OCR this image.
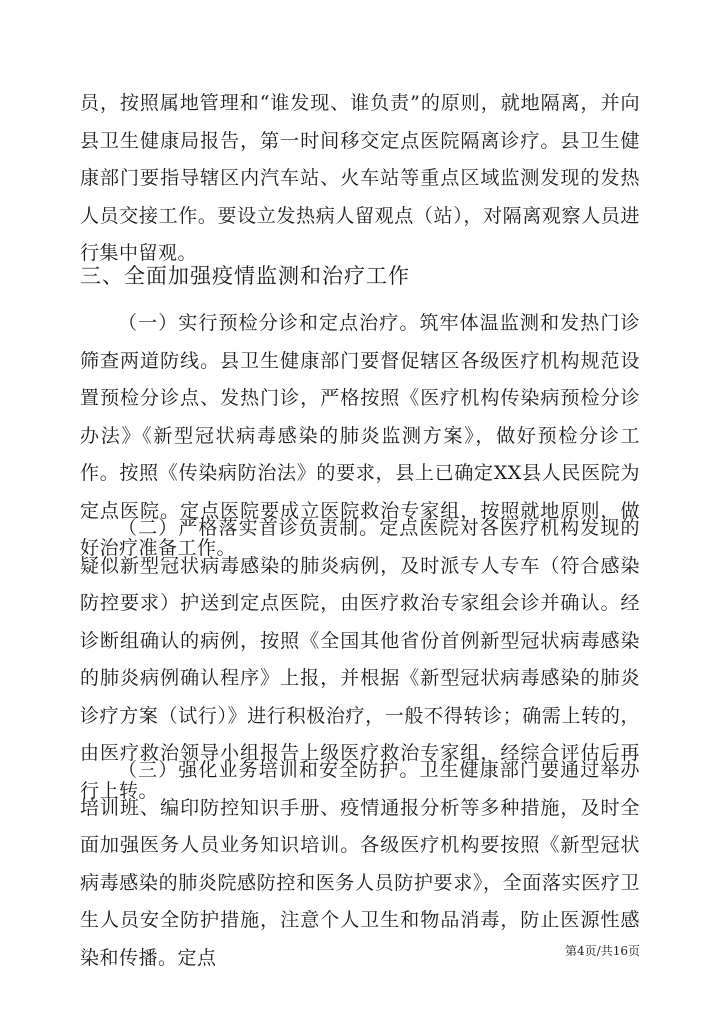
员，按照属地管理和“谁发现、谁负责”的原则，就地隔离，并向县卫生健康局报告，第一时间移交定点医院隔离诊疗。县卫生健康部门要指导辖区内汽车站、火车站等重点区域监测发现的发热人员交接工作。要设立发热病人留观点（站），对隔离观察人员进行集中留观。

三、全面加强疫情监测和治疗工作

（一）实行预检分诊和定点治疗。筑牢体温监测和发热门诊筛查两道防线。县卫生健康部门要督促辖区各级医疗机构规范设置预检分诊点、发热门诊，严格按照《医疗机构传染病预检分诊办法》《新型冠状病毒感染的肺炎监测方案》，做好预检分诊工作。按照《传染病防治法》的要求，县上已确定XX县人民医院为定点医院。定点医院要成立医院救治专家组，按照就地原则，做好治疗准备工作。

（二）严格落实首诊负责制。定点医院对各医疗机构发现的疑似新型冠状病毒感染的肺炎病例，及时派专人专车（符合感染防控要求）护送到定点医院，由医疗救治专家组会诊并确认。经诊断组确认的病例，按照《全国其他省份首例新型冠状病毒感染的肺炎病例确认程序》上报，并根据《新型冠状病毒感染的肺炎诊疗方案（试行）》进行积极治疗，一般不得转诊；确需上转的，由医疗救治领导小组报告上级医疗救治专家组，经综合评估后再行上转。

（三）强化业务培训和安全防护。卫生健康部门要通过举办培训班、编印防控知识手册、疫情通报分析等多种措施，及时全面加强医务人员业务知识培训。各级医疗机构要按照《新型冠状病毒感染的肺炎院感防控和医务人员防护要求》，全面落实医疗卫生人员安全防护措施，注意个人卫生和物品消毒，防止医源性感染和传播。定点	第4页/共16页
